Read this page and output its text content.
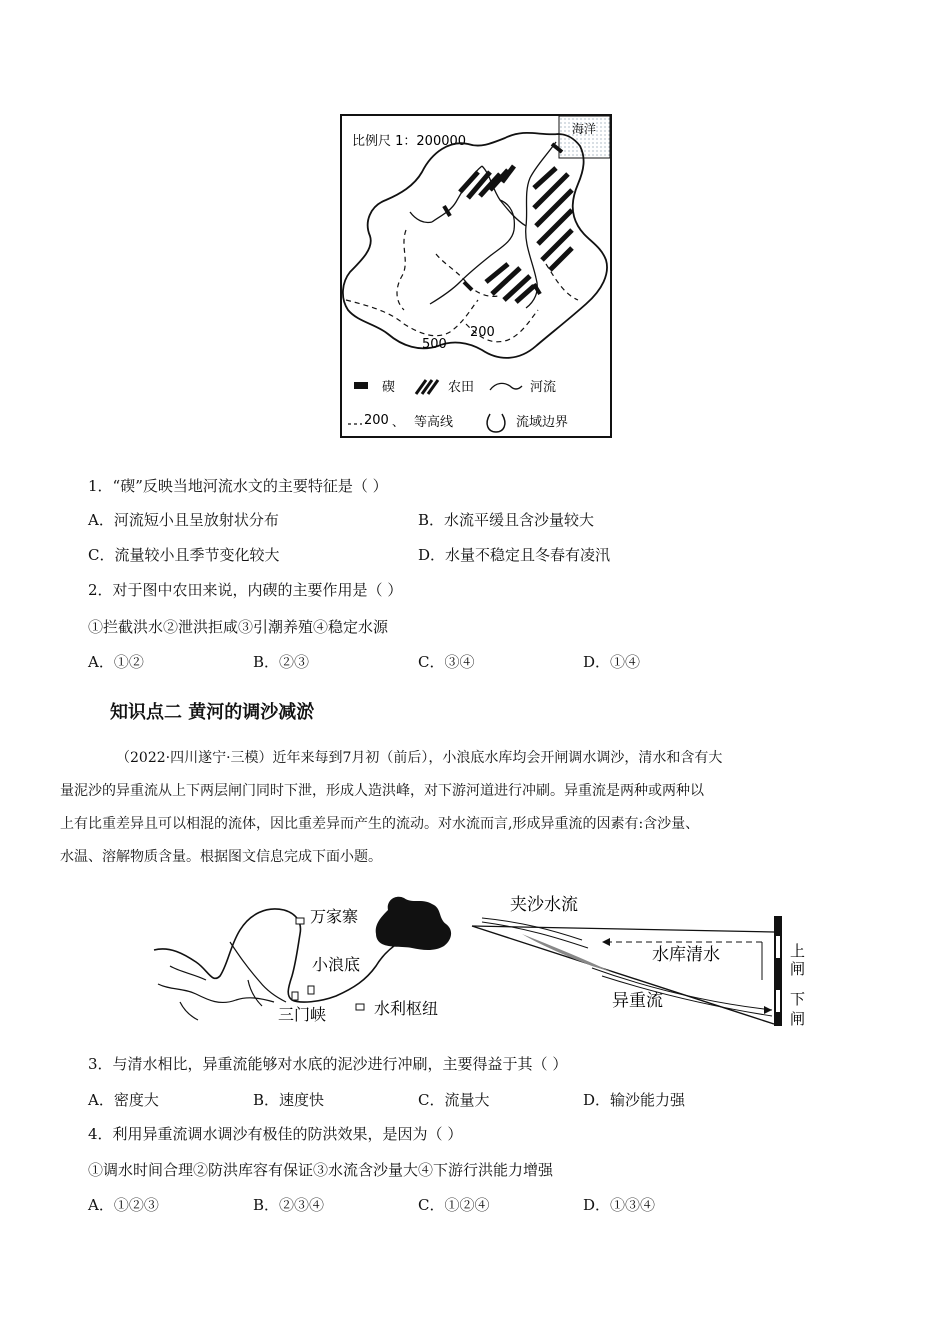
海洋
比例尺 1：200000
500
200
碶	农田	河流
200 、 等高线	流域边界
1．“碶”反映当地河流水文的主要特征是（ ）
A．河流短小且呈放射状分布	B．水流平缓且含沙量较大
C．流量较小且季节变化较大	D．水量不稳定且冬春有凌汛
2．对于图中农田来说，内碶的主要作用是（ ）
①拦截洪水②泄洪拒咸③引潮养殖④稳定水源
A．①②	B．②③	C．③④	D．①④
知识点二 黄河的调沙减淤
（2022·四川遂宁·三模）近年来每到7月初（前后），小浪底水库均会开闸调水调沙，清水和含有大
量泥沙的异重流从上下两层闸门同时下泄，形成人造洪峰，对下游河道进行冲刷。异重流是两种或两种以
上有比重差异且可以相混的流体，因比重差异而产生的流动。对水流而言,形成异重流的因素有:含沙量、
水温、溶解物质含量。根据图文信息完成下面小题。
万家寨
小浪底
三门峡	水利枢纽
夹沙水流
水库清水
异重流
上
闸
下
闸
3．与清水相比，异重流能够对水底的泥沙进行冲刷，主要得益于其（ ）
A．密度大	B．速度快	C．流量大	D．输沙能力强
4．利用异重流调水调沙有极佳的防洪效果，是因为（ ）
①调水时间合理②防洪库容有保证③水流含沙量大④下游行洪能力增强
A．①②③	B．②③④	C．①②④	D．①③④
